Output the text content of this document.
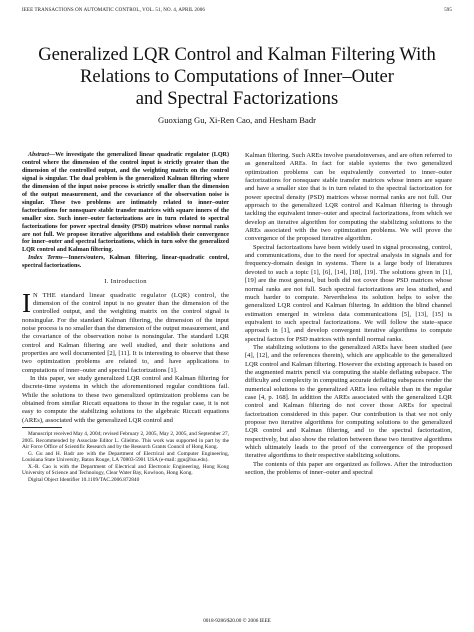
IEEE TRANSACTIONS ON AUTOMATIC CONTROL, VOL. 51, NO. 4, APRIL 2006	595
Generalized LQR Control and Kalman Filtering With
Relations to Computations of Inner–Outer
and Spectral Factorizations
Guoxiang Gu, Xi-Ren Cao, and Hesham Badr

Abstract—We investigate the generalized linear quadratic regulator (LQR) control where the dimension of the control input is strictly greater than the dimension of the controlled output, and the weighting matrix on the control signal is singular. The dual problem is the generalized Kalman filtering where the dimension of the input noise process is strictly smaller than the dimension of the output measurement, and the covariance of the observation noise is singular. These two problems are intimately related to inner–outer factorizations for nonsquare stable transfer matrices with square inners of the smaller size. Such inner–outer factorizations are in turn related to spectral factorizations for power spectral density (PSD) matrices whose normal ranks are not full. We propose iterative algorithms and establish their convergence for inner–outer and spectral factorizations, which in turn solve the generalized LQR control and Kalman filtering.

Index Terms—Inners/outers, Kalman filtering, linear-quadratic control, spectral factorizations.

I. Introduction

I N THE standard linear quadratic regulator (LQR) control, the dimension of the control input is no greater than the dimension of the controlled output, and the weighting matrix on the control signal is nonsingular. For the standard Kalman filtering, the dimension of the input noise process is no smaller than the dimension of the output measurement, and the covariance of the observation noise is nonsingular. The standard LQR control and Kalman filtering are well studied, and their solutions and properties are well documented [2], [11]. It is interesting to observe that these two optimization problems are related to, and have applications to computations of inner–outer and spectral factorizations [1].

In this paper, we study generalized LQR control and Kalman filtering for discrete-time systems in which the aforementioned regular conditions fail. While the solutions to these two generalized optimization problems can be obtained from similar Riccati equations to those in the regular case, it is not easy to compute the stabilizing solutions to the algebraic Riccati equations (AREs), associated with the generalized LQR control and

Manuscript received May 4, 2004; revised February 2, 2005, May 2, 2005, and September 27, 2005. Recommended by Associate Editor L. Glielmo. This work was supported in part by the Air Force Office of Scientific Research and by the Research Grants Council of Hong Kong.

G. Gu and H. Badr are with the Department of Electrical and Computer Engineering, Louisiana State University, Baton Rouge, LA 70803-5901 USA (e-mail: ggu@lsu.edu).

X.-R. Cao is with the Department of Electrical and Electronic Engineering, Hong Kong University of Science and Technology, Clear Water Bay, Kowloon, Hong Kong.

Digital Object Identifier 10.1109/TAC.2006.872840

Kalman filtering. Such AREs involve pseudoinverses, and are often referred to as generalized AREs. In fact for stable systems the two generalized optimization problems can be equivalently converted to inner–outer factorizations for nonsquare stable transfer matrices whose inners are square and have a smaller size that is in turn related to the spectral factorization for power spectral density (PSD) matrices whose normal ranks are not full. Our approach to the generalized LQR control and Kalman filtering is through tackling the equivalent inner–outer and spectral factorizations, from which we develop an iterative algorithm for computing the stabilizing solutions to the AREs associated with the two optimization problems. We will prove the convergence of the proposed iterative algorithm.

Spectral factorizations have been widely used in signal processing, control, and communications, due to the need for spectral analysis in signals and for frequency-domain design in systems. There is a large body of literatures devoted to such a topic [1], [6], [14], [18], [19]. The solutions given in [1], [19] are the most general, but both did not cover those PSD matrices whose normal ranks are not full. Such spectral factorizations are less studied, and much harder to compute. Nevertheless its solution helps to solve the generalized LQR control and Kalman filtering. In addition the blind channel estimation emerged in wireless data communications [5], [13], [15] is equivalent to such spectral factorizations. We will follow the state–space approach in [1], and develop convergent iterative algorithms to compute spectral factors for PSD matrices with nonfull normal ranks.

The stabilizing solutions to the generalized AREs have been studied (see [4], [12], and the references therein), which are applicable to the generalized LQR control and Kalman filtering. However the existing approach is based on the augmented matrix pencil via computing the stable deflating subspace. The difficulty and complexity in computing accurate deflating subspaces render the numerical solutions to the generalized AREs less reliable than in the regular case [4, p. 168]. In addition the AREs associated with the generalized LQR control and Kalman filtering do not cover those AREs for spectral factorization considered in this paper. Our contribution is that we not only propose two iterative algorithms for computing solutions to the generalized LQR control and Kalman filtering, and to the spectral factorization, respectively, but also show the relation between these two iterative algorithms which ultimately leads to the proof of the convergence of the proposed iterative algorithms to their respective stabilizing solutions.

The contents of this paper are organized as follows. After the introduction section, the problems of inner–outer and spectral

0018-9286/$20.00 © 2006 IEEE
